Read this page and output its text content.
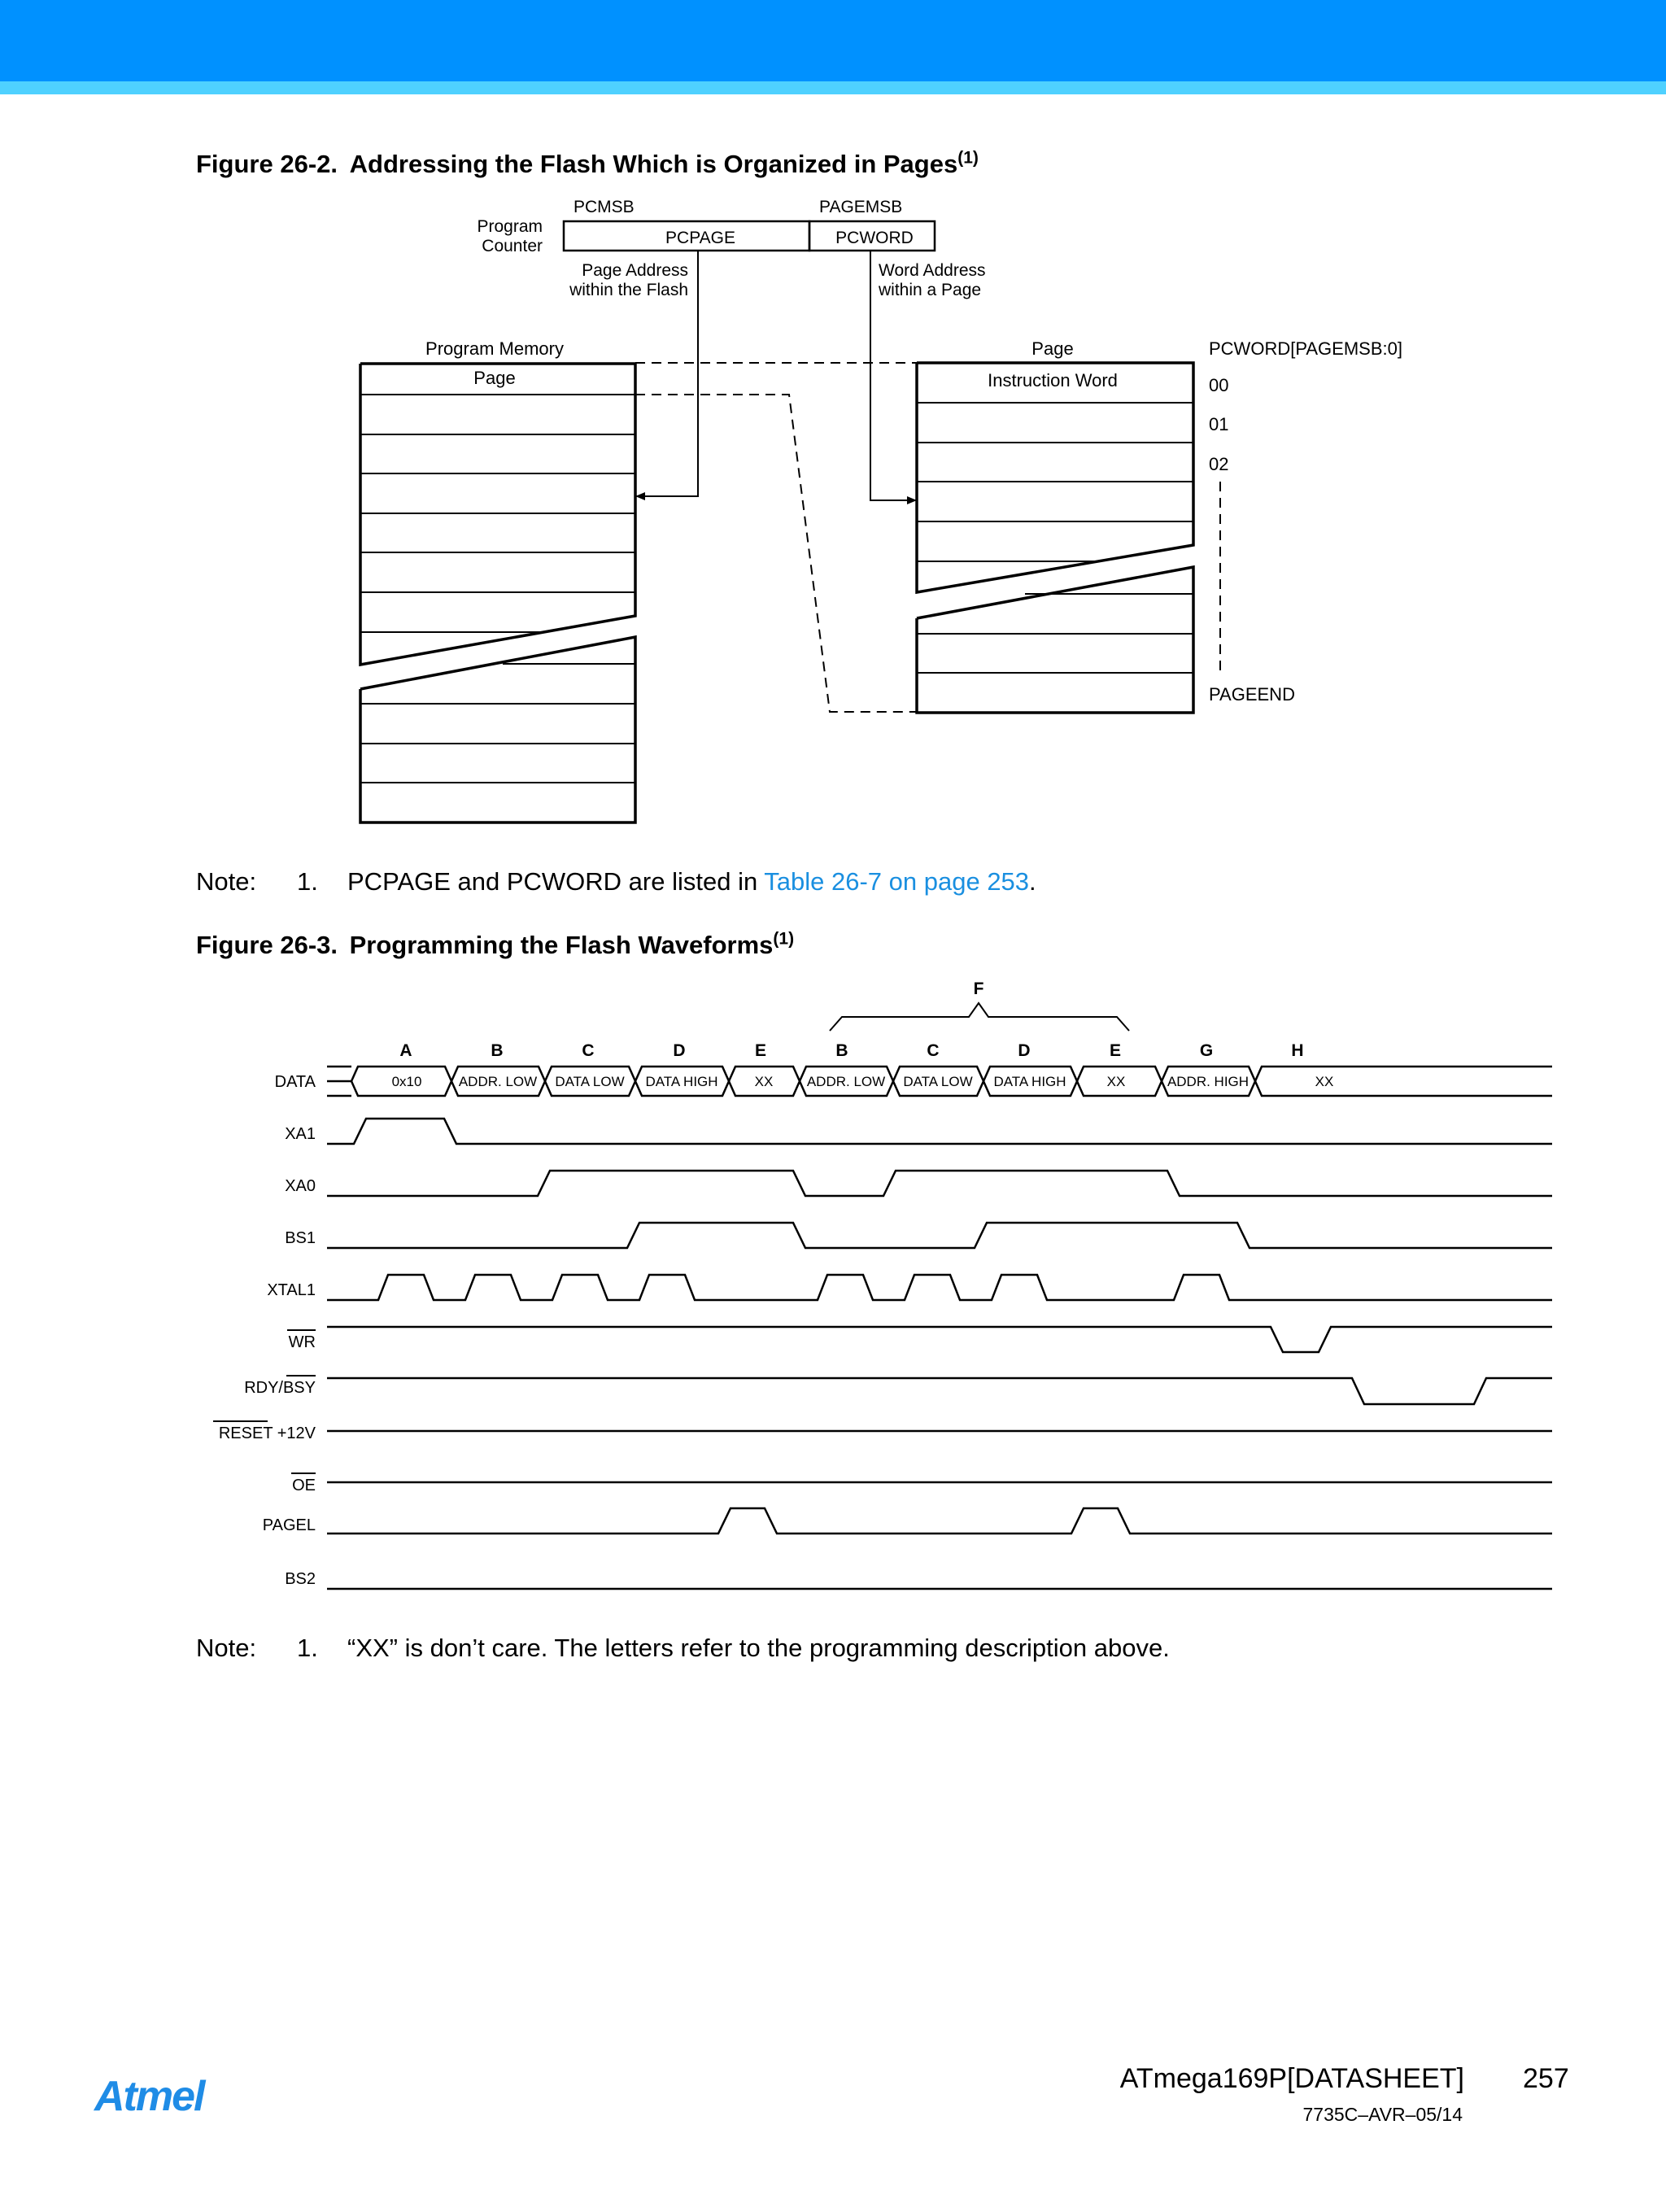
Figure 26-2. Addressing the Flash Which is Organized in Pages$^{(1)}$
PCMSB	PAGEMSB
Program
Counter	PCPAGE	PCWORD
Page Address
within the Flash
Word Address
within a Page
Program Memory
Page
Page
Instruction Word
PCWORD[PAGEMSB:0]
00
01
02
PAGEEND
Note: 1. PCPAGE and PCWORD are listed in Table 26-7 on page 253.
Figure 26-3. Programming the Flash Waveforms$^{(1)}$
F
A	B	C	D	E	B	C	D	E	G	H
DATA
XA1
XA0
BS1
XTAL1
WR
RDY/BSY
RESET +12V
OE
PAGEL
BS2
0x10	ADDR. LOW DATA LOW DATA HIGH	XX ADDR. LOW DATA LOW DATA HIGH	XX	ADDR. HIGH	XX
Note: 1. “XX” is don’t care. The letters refer to the programming description above.
Atmel	ATmega169P[DATASHEET] 257
7735C–AVR–05/14
